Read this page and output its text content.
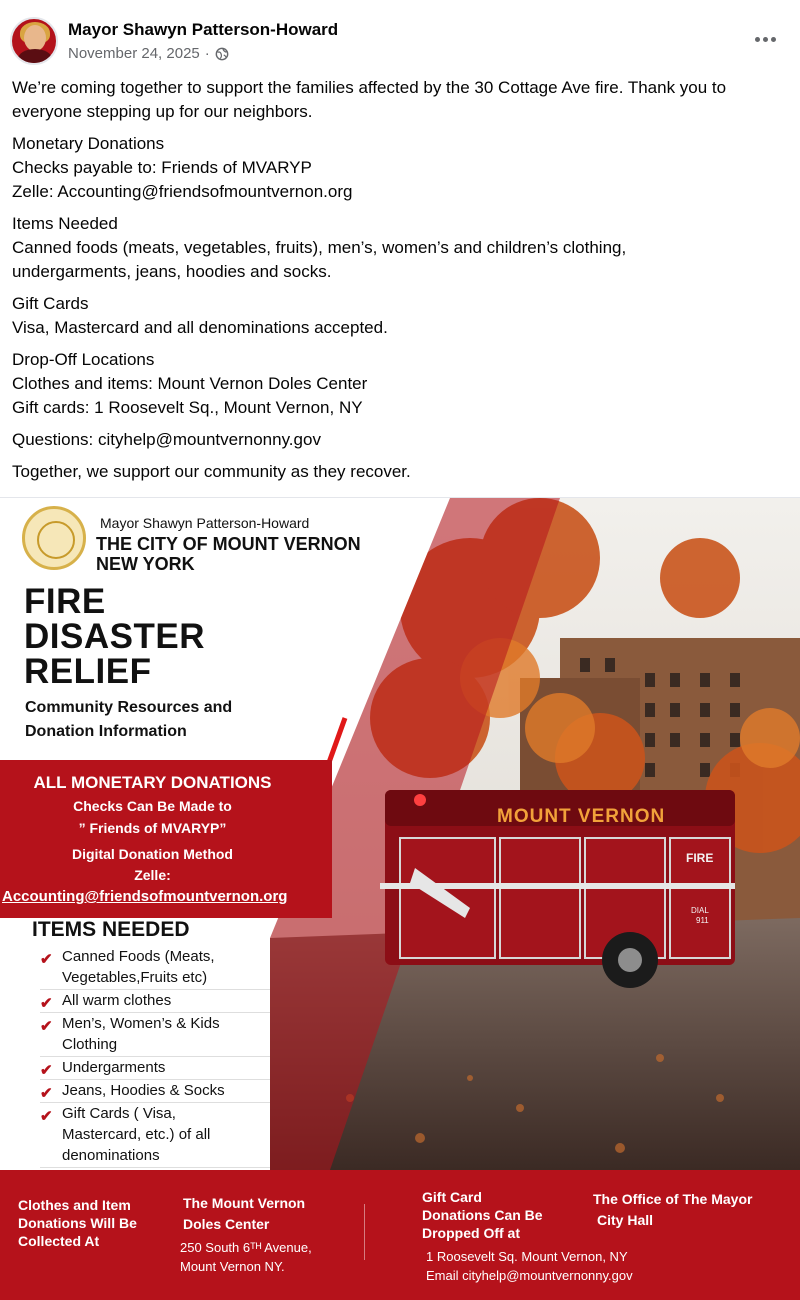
Mayor Shawyn Patterson-Howard
November 24, 2025 ·

We’re coming together to support the families affected by the 30 Cottage Ave fire. Thank you to
everyone stepping up for our neighbors.

Monetary Donations
Checks payable to: Friends of MVARYP
Zelle: Accounting@friendsofmountvernon.org

Items Needed
Canned foods (meats, vegetables, fruits), men’s, women’s and children’s clothing,
undergarments, jeans, hoodies and socks.

Gift Cards
Visa, Mastercard and all denominations accepted.

Drop-Off Locations
Clothes and items: Mount Vernon Doles Center
Gift cards: 1 Roosevelt Sq., Mount Vernon, NY

Questions: cityhelp@mountvernonny.gov

Together, we support our community as they recover.

Mayor Shawyn Patterson-Howard
THE CITY OF MOUNT VERNON
NEW YORK
FIRE
DISASTER
RELIEF
Community Resources and
Donation Information
ALL MONETARY DONATIONS
Checks Can Be Made to
” Friends of MVARYP”
Digital Donation Method
Zelle:
Accounting@friendsofmountvernon.org
ITEMS NEEDED
✔ Canned Foods (Meats,
Vegetables,Fruits etc)
✔ All warm clothes
✔ Men’s, Women’s & Kids
Clothing
✔ Undergarments
✔ Jeans, Hoodies & Socks
✔ Gift Cards ( Visa,
Mastercard, etc.) of all
denominations
MOUNT VERNON
FIRE
DIAL
911
Clothes and Item
Donations Will Be
Collected At
The Mount Vernon
Doles Center
250 South 6ᵀᴴ Avenue,
Mount Vernon NY.
Gift Card
Donations Can Be
Dropped Off at
The Office of The Mayor
City Hall
1 Roosevelt Sq. Mount Vernon, NY
Email cityhelp@mountvernonny.gov
